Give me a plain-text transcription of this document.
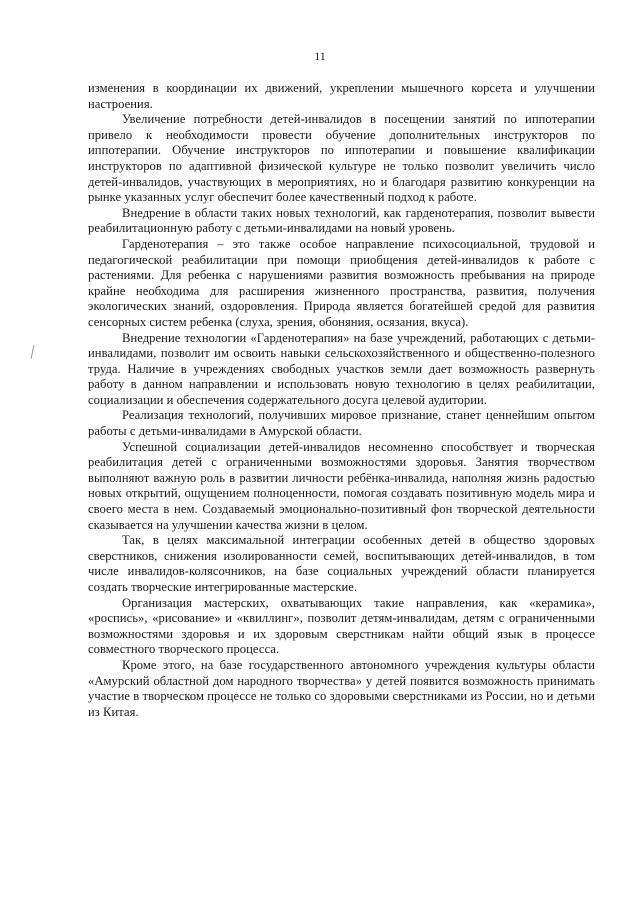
11

изменения в координации их движений, укреплении мышечного корсета и улучшении настроения.

Увеличение потребности детей-инвалидов в посещении занятий по иппотерапии привело к необходимости провести обучение дополнительных инструкторов по иппотерапии. Обучение инструкторов по иппотерапии и повышение квалификации инструкторов по адаптивной физической культуре не только позволит увеличить число детей-инвалидов, участвующих в мероприятиях, но и благодаря развитию конкуренции на рынке указанных услуг обеспечит более качественный подход к работе.

Внедрение в области таких новых технологий, как гарденотерапия, позволит вывести реабилитационную работу с детьми-инвалидами на новый уровень.

Гарденотерапия – это также особое направление психосоциальной, трудовой и педагогической реабилитации при помощи приобщения детей-инвалидов к работе с растениями. Для ребенка с нарушениями развития возможность пребывания на природе крайне необходима для расширения жизненного пространства, развития, получения экологических знаний, оздоровления. Природа является богатейшей средой для развития сенсорных систем ребенка (слуха, зрения, обоняния, осязания, вкуса).

Внедрение технологии «Гарденотерапия» на базе учреждений, работающих с детьми-инвалидами, позволит им освоить навыки сельскохозяйственного и общественно-полезного труда. Наличие в учреждениях свободных участков земли дает возможность развернуть работу в данном направлении и использовать новую технологию в целях реабилитации, социализации и обеспечения содержательного досуга целевой аудитории.

Реализация технологий, получивших мировое признание, станет ценнейшим опытом работы с детьми-инвалидами в Амурской области.

Успешной социализации детей-инвалидов несомненно способствует и творческая реабилитация детей с ограниченными возможностями здоровья. Занятия творчеством выполняют важную роль в развитии личности ребёнка-инвалида, наполняя жизнь радостью новых открытий, ощущением полноценности, помогая создавать позитивную модель мира и своего места в нем. Создаваемый эмоционально-позитивный фон творческой деятельности сказывается на улучшении качества жизни в целом.

Так, в целях максимальной интеграции особенных детей в общество здоровых сверстников, снижения изолированности семей, воспитывающих детей-инвалидов, в том числе инвалидов-колясочников, на базе социальных учреждений области планируется создать творческие интегрированные мастерские.

Организация мастерских, охватывающих такие направления, как «керамика», «роспись», «рисование» и «квиллинг», позволит детям-инвалидам, детям с ограниченными возможностями здоровья и их здоровым сверстникам найти общий язык в процессе совместного творческого процесса.

Кроме этого, на базе государственного автономного учреждения культуры области «Амурский областной дом народного творчества» у детей появится возможность принимать участие в творческом процессе не только со здоровыми сверстниками из России, но и детьми из Китая.
